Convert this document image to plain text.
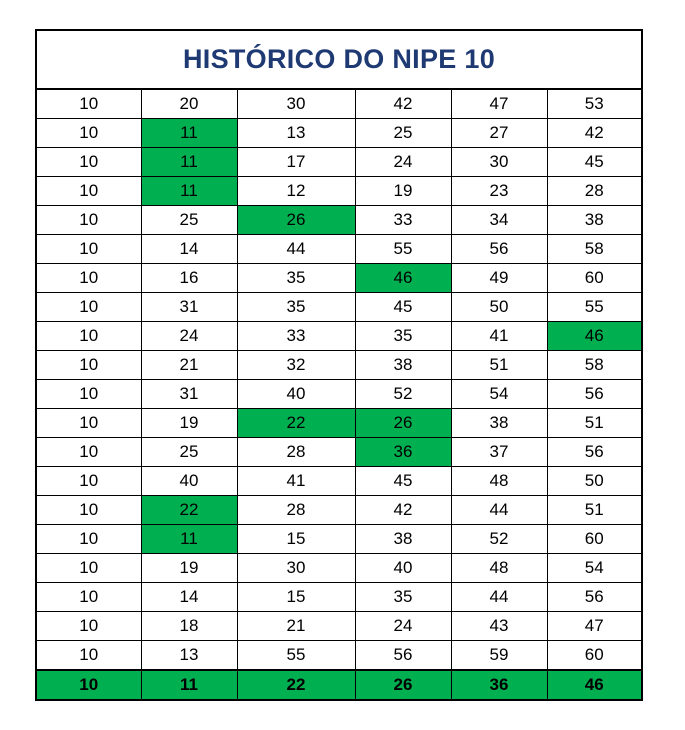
HISTÓRICO DO NIPE 10
10	20	30	42	47	53
10	11	13	25	27	42
10	11	17	24	30	45
10	11	12	19	23	28
10	25	26	33	34	38
10	14	44	55	56	58
10	16	35	46	49	60
10	31	35	45	50	55
10	24	33	35	41	46
10	21	32	38	51	58
10	31	40	52	54	56
10	19	22	26	38	51
10	25	28	36	37	56
10	40	41	45	48	50
10	22	28	42	44	51
10	11	15	38	52	60
10	19	30	40	48	54
10	14	15	35	44	56
10	18	21	24	43	47
10	13	55	56	59	60
10	11	22	26	36	46
